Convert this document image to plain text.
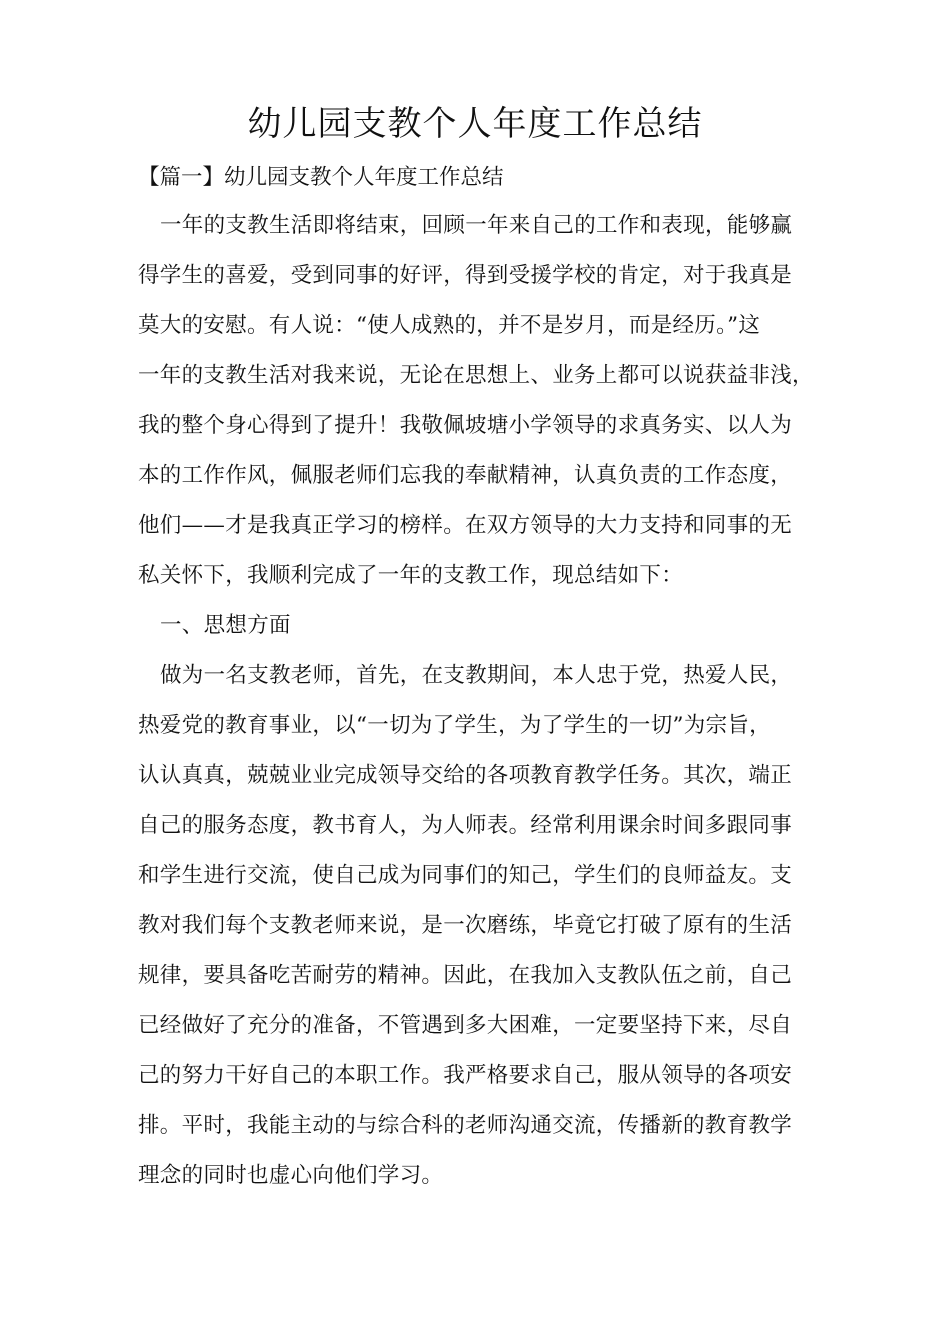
幼儿园支教个人年度工作总结

【篇一】幼儿园支教个人年度工作总结

一年的支教生活即将结束，回顾一年来自己的工作和表现，能够赢
得学生的喜爱，受到同事的好评，得到受援学校的肯定，对于我真是
莫大的安慰。有人说：“使人成熟的，并不是岁月，而是经历。”这
一年的支教生活对我来说，无论在思想上、业务上都可以说获益非浅，
我的整个身心得到了提升！我敬佩坡塘小学领导的求真务实、以人为
本的工作作风，佩服老师们忘我的奉献精神，认真负责的工作态度，
他们——才是我真正学习的榜样。在双方领导的大力支持和同事的无
私关怀下，我顺利完成了一年的支教工作，现总结如下：
一、思想方面
做为一名支教老师，首先，在支教期间，本人忠于党，热爱人民，
热爱党的教育事业，以“一切为了学生，为了学生的一切”为宗旨，
认认真真，兢兢业业完成领导交给的各项教育教学任务。其次，端正
自己的服务态度，教书育人，为人师表。经常利用课余时间多跟同事
和学生进行交流，使自己成为同事们的知己，学生们的良师益友。支
教对我们每个支教老师来说，是一次磨练，毕竟它打破了原有的生活
规律，要具备吃苦耐劳的精神。因此，在我加入支教队伍之前，自己
已经做好了充分的准备，不管遇到多大困难，一定要坚持下来，尽自
己的努力干好自己的本职工作。我严格要求自己，服从领导的各项安
排。平时，我能主动的与综合科的老师沟通交流，传播新的教育教学
理念的同时也虚心向他们学习。
